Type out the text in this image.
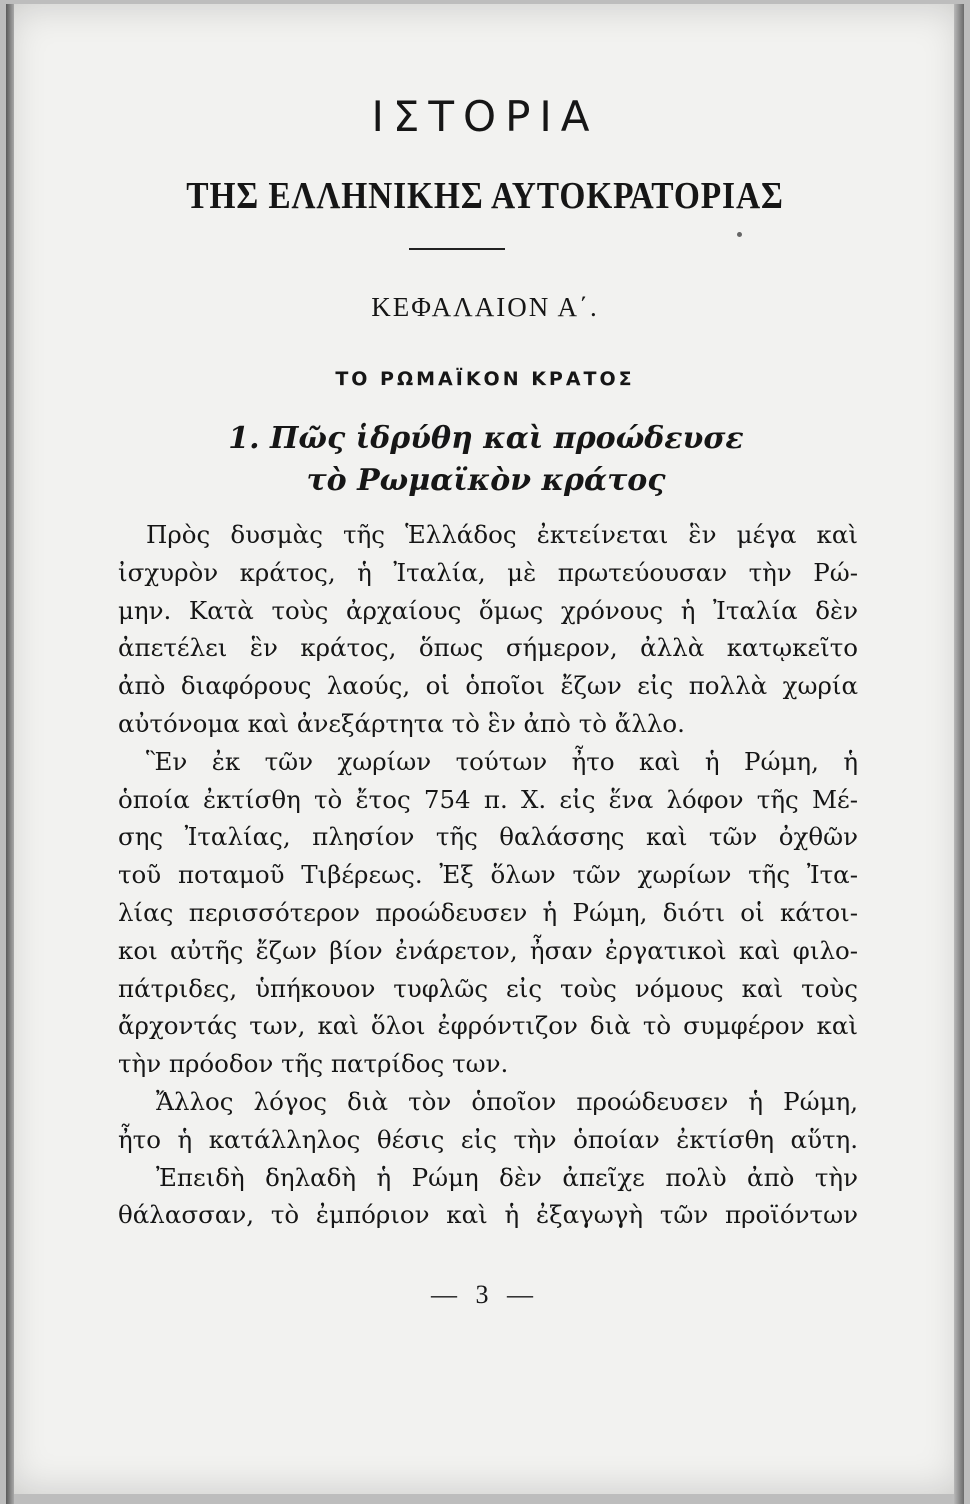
ΙΣΤΟΡΙΑ
ΤΗΣ ΕΛΛΗΝΙΚΗΣ ΑΥΤΟΚΡΑΤΟΡΙΑΣ
ΚΕΦΑΛΑΙΟΝ Α΄.
ΤΟ ΡΩΜΑΪΚΟΝ ΚΡΑΤΟΣ
1. Πῶς ἱδρύθη καὶ προώδευσε
τὸ Ρωμαϊκὸν κράτος
Πρὸς δυσμὰς τῆς Ἑλλάδος ἐκτείνεται ἓν μέγα καὶ
ἰσχυρὸν κράτος, ἡ Ἰταλία, μὲ πρωτεύουσαν τὴν Ρώ-
μην. Κατὰ τοὺς ἀρχαίους ὅμως χρόνους ἡ Ἰταλία δὲν
ἀπετέλει ἓν κράτος, ὅπως σήμερον, ἀλλὰ κατῳκεῖτο
ἀπὸ διαφόρους λαούς, οἱ ὁποῖοι ἔζων εἰς πολλὰ χωρία
αὐτόνομα καὶ ἀνεξάρτητα τὸ ἓν ἀπὸ τὸ ἄλλο.
Ἓν ἐκ τῶν χωρίων τούτων ἦτο καὶ ἡ Ρώμη, ἡ
ὁποία ἐκτίσθη τὸ ἔτος 754 π. Χ. εἰς ἕνα λόφον τῆς Μέ-
σης Ἰταλίας, πλησίον τῆς θαλάσσης καὶ τῶν ὀχθῶν
τοῦ ποταμοῦ Τιβέρεως. Ἐξ ὅλων τῶν χωρίων τῆς Ἰτα-
λίας περισσότερον προώδευσεν ἡ Ρώμη, διότι οἱ κάτοι-
κοι αὐτῆς ἔζων βίον ἐνάρετον, ἦσαν ἐργατικοὶ καὶ φιλο-
πάτριδες, ὑπήκουον τυφλῶς εἰς τοὺς νόμους καὶ τοὺς
ἄρχοντάς των, καὶ ὅλοι ἐφρόντιζον διὰ τὸ συμφέρον καὶ
τὴν πρόοδον τῆς πατρίδος των.
Ἄλλος λόγος διὰ τὸν ὁποῖον προώδευσεν ἡ Ρώμη,
ἦτο ἡ κατάλληλος θέσις εἰς τὴν ὁποίαν ἐκτίσθη αὕτη.
Ἐπειδὴ δηλαδὴ ἡ Ρώμη δὲν ἀπεῖχε πολὺ ἀπὸ τὴν
θάλασσαν, τὸ ἐμπόριον καὶ ἡ ἐξαγωγὴ τῶν προϊόντων
— 3 —
